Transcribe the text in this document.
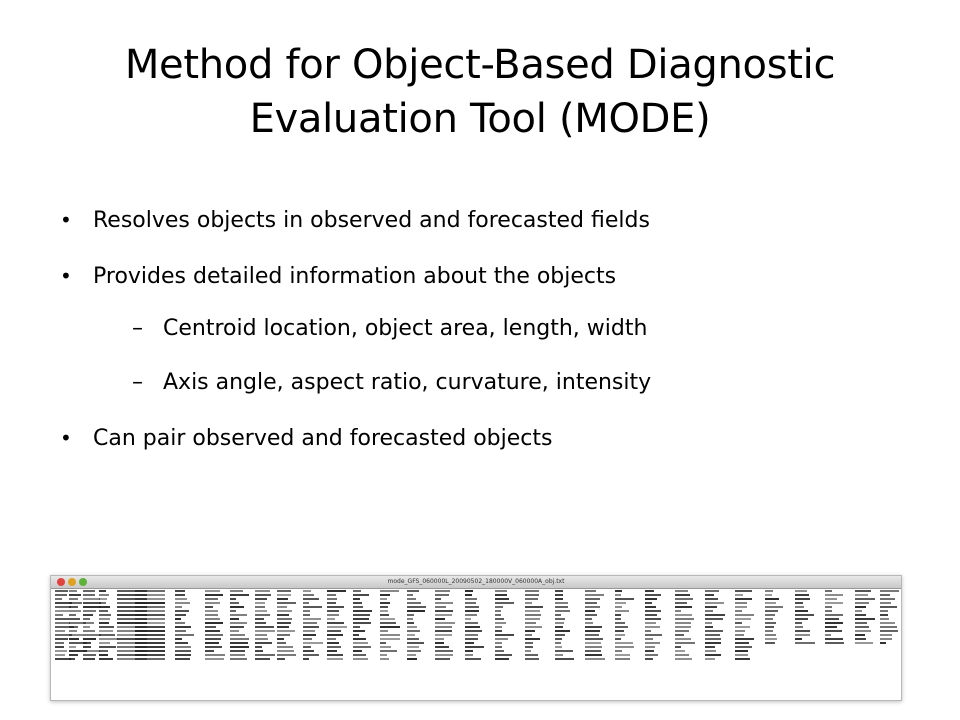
Method for Object-Based Diagnostic
Evaluation Tool (MODE)
• Resolves objects in observed and forecasted fields
• Provides detailed information about the objects
– Centroid location, object area, length, width
– Axis angle, aspect ratio, curvature, intensity
• Can pair observed and forecasted objects
mode_GFS_060000L_20090502_180000V_060000A_obj.txt
